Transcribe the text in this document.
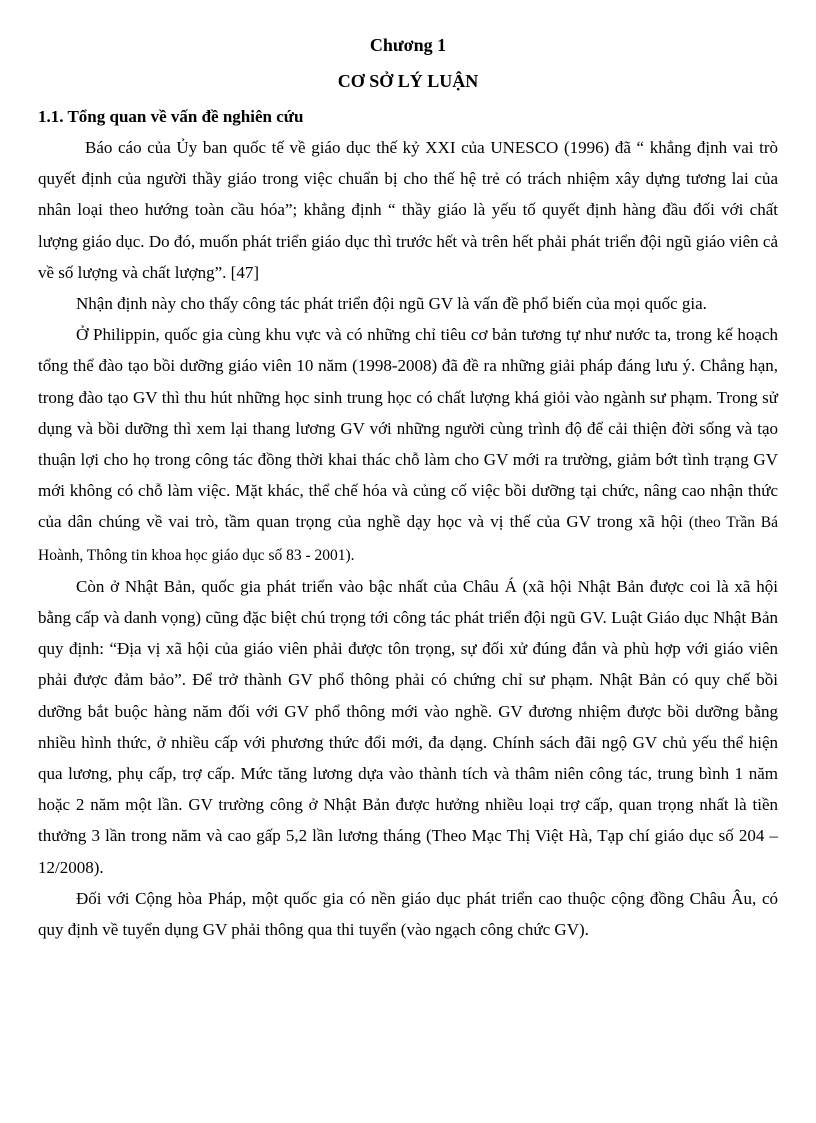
Chương 1
CƠ SỞ LÝ LUẬN
1.1. Tổng quan về vấn đề nghiên cứu

Báo cáo của Ủy ban quốc tế về giáo dục thế kỷ XXI của UNESCO (1996) đã “ khẳng định vai trò quyết định của người thầy giáo trong việc chuẩn bị cho thế hệ trẻ có trách nhiệm xây dựng tương lai của nhân loại theo hướng toàn cầu hóa”; khẳng định “ thầy giáo là yếu tố quyết định hàng đầu đối với chất lượng giáo dục. Do đó, muốn phát triển giáo dục thì trước hết và trên hết phải phát triển đội ngũ giáo viên cả về số lượng và chất lượng”. [47]

Nhận định này cho thấy công tác phát triển đội ngũ GV là vấn đề phổ biến của mọi quốc gia.

Ở Philippin, quốc gia cùng khu vực và có những chỉ tiêu cơ bản tương tự như nước ta, trong kế hoạch tổng thể đào tạo bồi dưỡng giáo viên 10 năm (1998-2008) đã đề ra những giải pháp đáng lưu ý. Chẳng hạn, trong đào tạo GV thì thu hút những học sinh trung học có chất lượng khá giỏi vào ngành sư phạm. Trong sử dụng và bồi dưỡng thì xem lại thang lương GV với những người cùng trình độ để cải thiện đời sống và tạo thuận lợi cho họ trong công tác đồng thời khai thác chỗ làm cho GV mới ra trường, giảm bớt tình trạng GV mới không có chỗ làm việc. Mặt khác, thể chế hóa và củng cố việc bồi dưỡng tại chức, nâng cao nhận thức của dân chúng về vai trò, tầm quan trọng của nghề dạy học và vị thế của GV trong xã hội (theo Trần Bá Hoành, Thông tin khoa học giáo dục số 83 - 2001).

Còn ở Nhật Bản, quốc gia phát triển vào bậc nhất của Châu Á (xã hội Nhật Bản được coi là xã hội bằng cấp và danh vọng) cũng đặc biệt chú trọng tới công tác phát triển đội ngũ GV. Luật Giáo dục Nhật Bản quy định: “Địa vị xã hội của giáo viên phải được tôn trọng, sự đối xử đúng đắn và phù hợp với giáo viên phải được đảm bảo”. Để trở thành GV phổ thông phải có chứng chỉ sư phạm. Nhật Bản có quy chế bồi dưỡng bắt buộc hàng năm đối với GV phổ thông mới vào nghề. GV đương nhiệm được bồi dưỡng bằng nhiều hình thức, ở nhiều cấp với phương thức đổi mới, đa dạng. Chính sách đãi ngộ GV chủ yếu thể hiện qua lương, phụ cấp, trợ cấp. Mức tăng lương dựa vào thành tích và thâm niên công tác, trung bình 1 năm hoặc 2 năm một lần. GV trường công ở Nhật Bản được hưởng nhiều loại trợ cấp, quan trọng nhất là tiền thưởng 3 lần trong năm và cao gấp 5,2 lần lương tháng (Theo Mạc Thị Việt Hà, Tạp chí giáo dục số 204 – 12/2008).

Đối với Cộng hòa Pháp, một quốc gia có nền giáo dục phát triển cao thuộc cộng đồng Châu Âu, có quy định về tuyển dụng GV phải thông qua thi tuyển (vào ngạch công chức GV).
